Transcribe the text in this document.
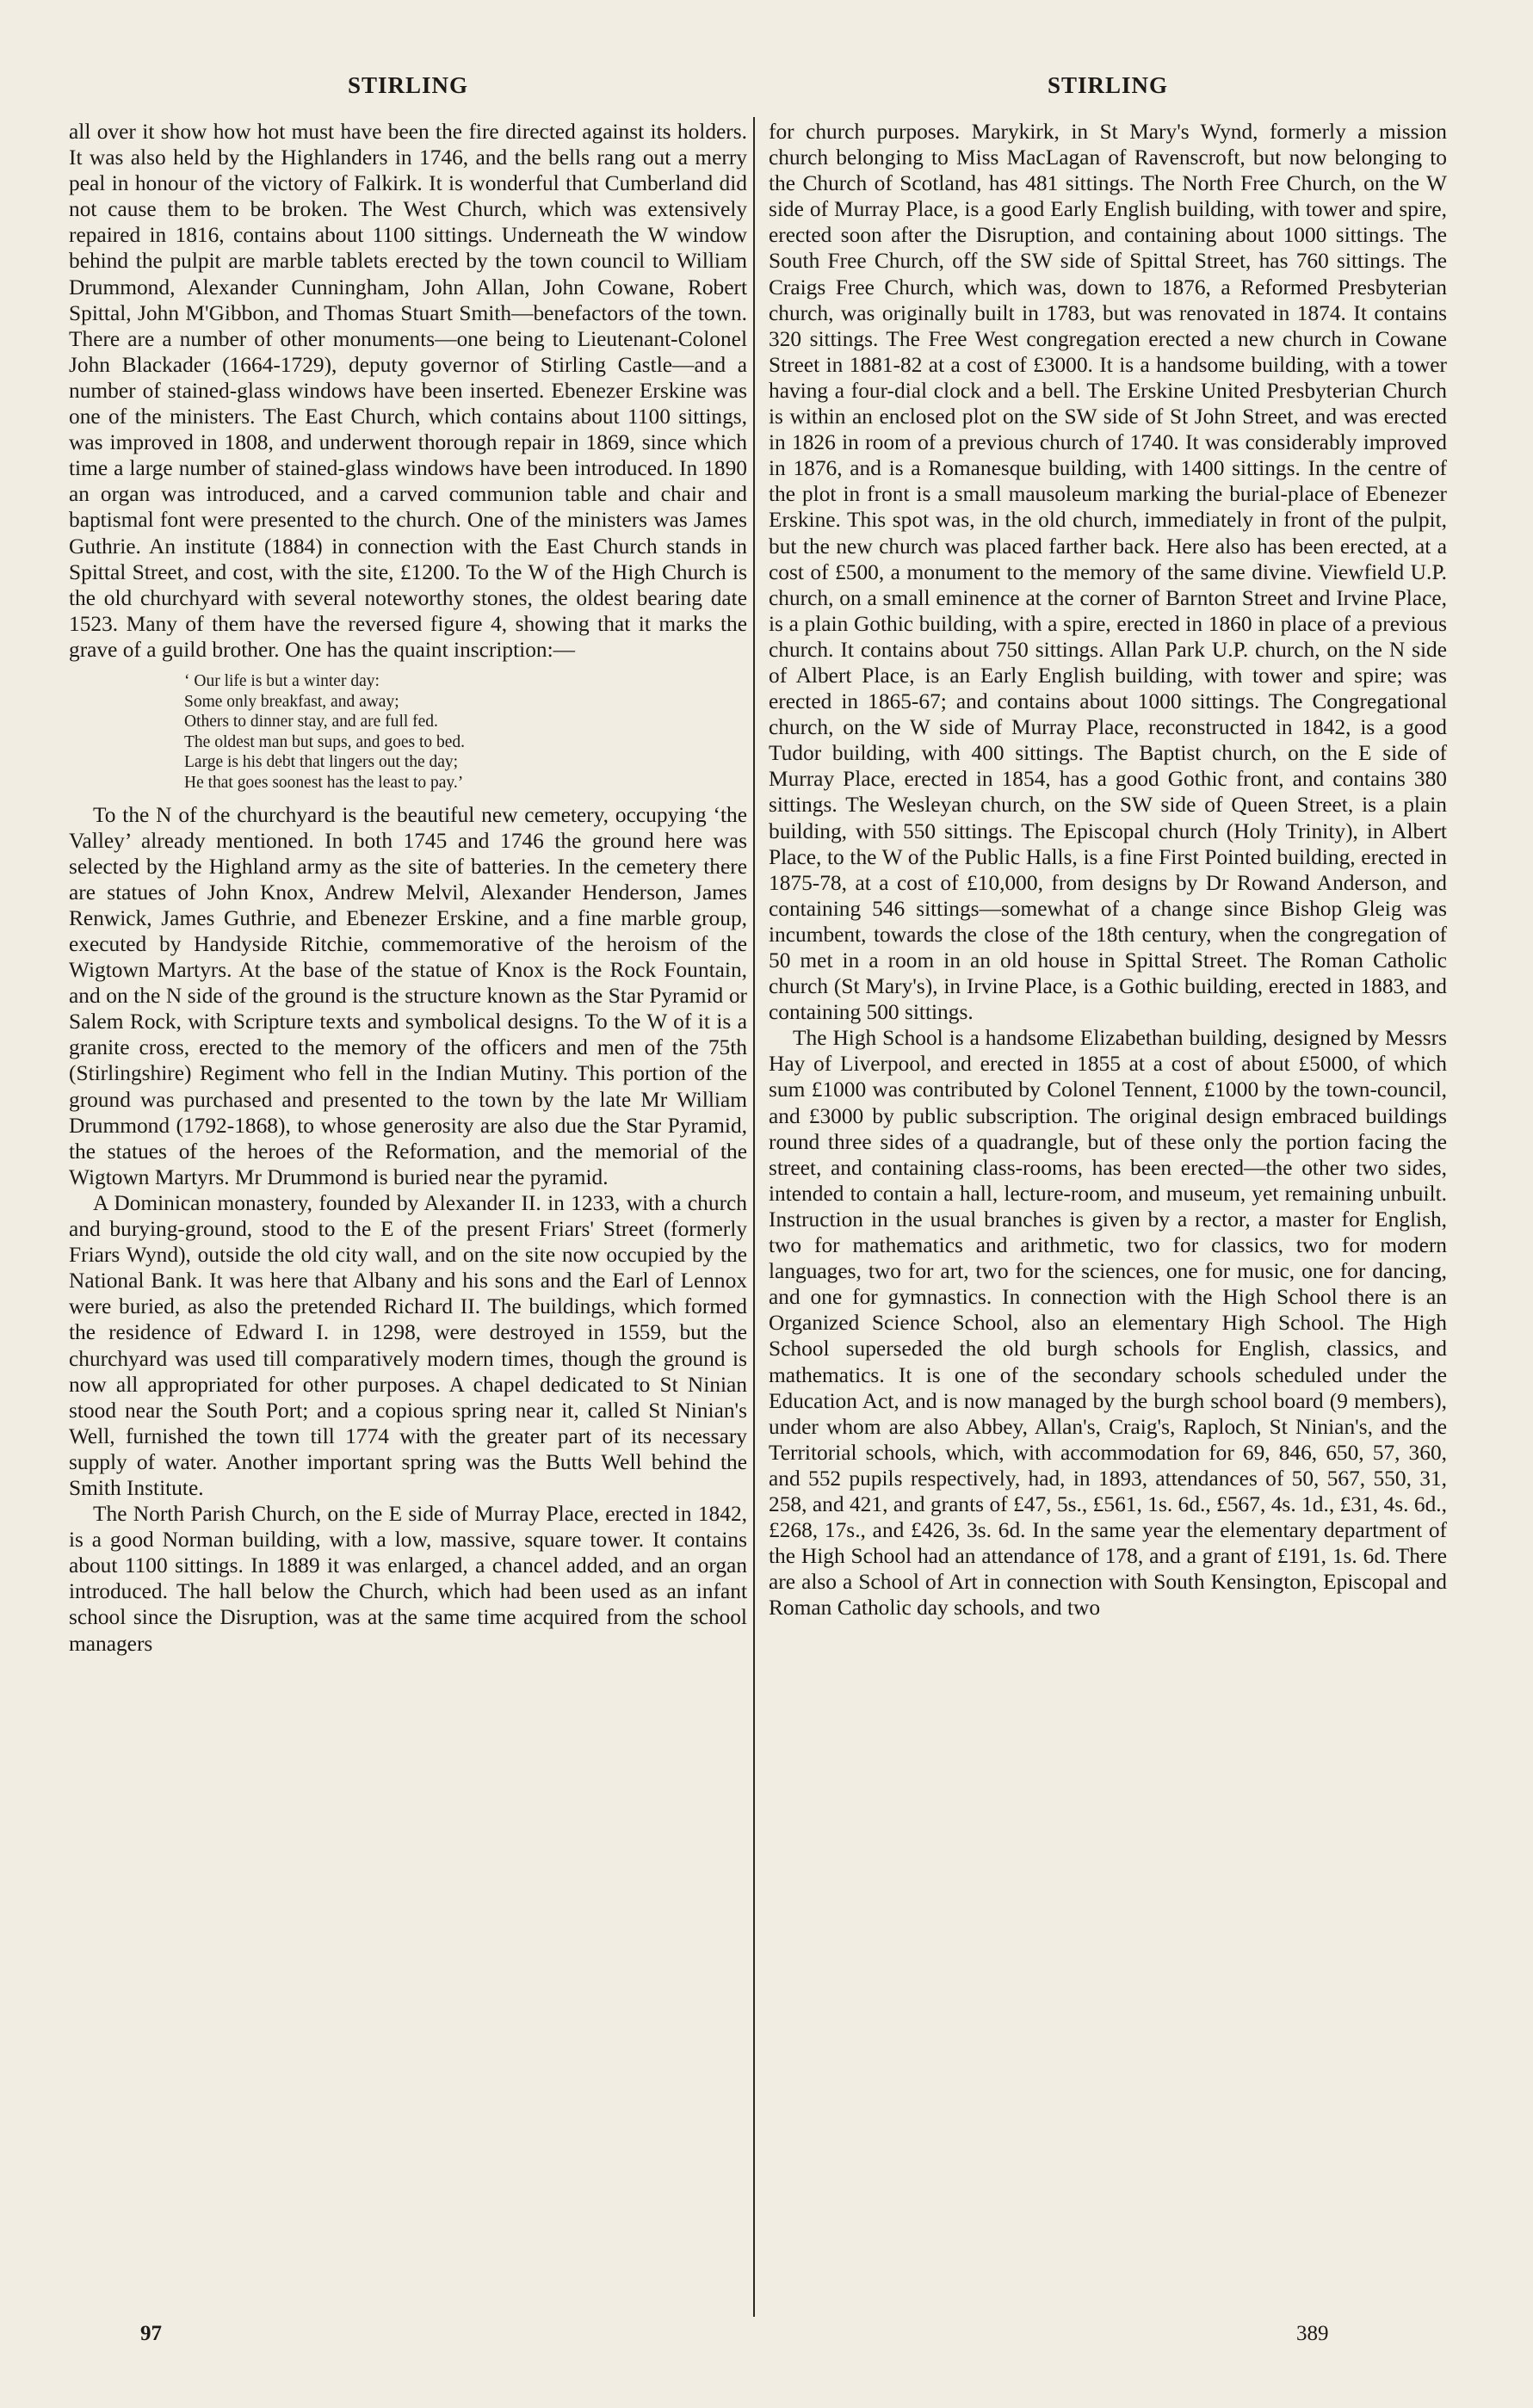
STIRLING	STIRLING

all over it show how hot must have been the fire directed against its holders. It was also held by the Highlanders in 1746, and the bells rang out a merry peal in honour of the victory of Falkirk. It is wonderful that Cumberland did not cause them to be broken. The West Church, which was extensively repaired in 1816, contains about 1100 sittings. Underneath the W window behind the pulpit are marble tablets erected by the town council to William Drummond, Alexander Cunningham, John Allan, John Cowane, Robert Spittal, John M'Gibbon, and Thomas Stuart Smith—benefactors of the town. There are a number of other monuments—one being to Lieutenant-Colonel John Blackader (1664-1729), deputy governor of Stirling Castle—and a number of stained-glass windows have been inserted. Ebenezer Erskine was one of the ministers. The East Church, which contains about 1100 sittings, was improved in 1808, and underwent thorough repair in 1869, since which time a large number of stained-glass windows have been introduced. In 1890 an organ was introduced, and a carved communion table and chair and baptismal font were presented to the church. One of the ministers was James Guthrie. An institute (1884) in connection with the East Church stands in Spittal Street, and cost, with the site, £1200. To the W of the High Church is the old churchyard with several noteworthy stones, the oldest bearing date 1523. Many of them have the reversed figure 4, showing that it marks the grave of a guild brother. One has the quaint inscription:—

‘ Our life is but a winter day:
Some only breakfast, and away;
Others to dinner stay, and are full fed.
The oldest man but sups, and goes to bed.
Large is his debt that lingers out the day;
He that goes soonest has the least to pay.’

To the N of the churchyard is the beautiful new cemetery, occupying ‘the Valley’ already mentioned. In both 1745 and 1746 the ground here was selected by the Highland army as the site of batteries. In the cemetery there are statues of John Knox, Andrew Melvil, Alexander Henderson, James Renwick, James Guthrie, and Ebenezer Erskine, and a fine marble group, executed by Handyside Ritchie, commemorative of the heroism of the Wigtown Martyrs. At the base of the statue of Knox is the Rock Fountain, and on the N side of the ground is the structure known as the Star Pyramid or Salem Rock, with Scripture texts and symbolical designs. To the W of it is a granite cross, erected to the memory of the officers and men of the 75th (Stirlingshire) Regiment who fell in the Indian Mutiny. This portion of the ground was purchased and presented to the town by the late Mr William Drummond (1792-1868), to whose generosity are also due the Star Pyramid, the statues of the heroes of the Reformation, and the memorial of the Wigtown Martyrs. Mr Drummond is buried near the pyramid.

A Dominican monastery, founded by Alexander II. in 1233, with a church and burying-ground, stood to the E of the present Friars' Street (formerly Friars Wynd), outside the old city wall, and on the site now occupied by the National Bank. It was here that Albany and his sons and the Earl of Lennox were buried, as also the pretended Richard II. The buildings, which formed the residence of Edward I. in 1298, were destroyed in 1559, but the churchyard was used till comparatively modern times, though the ground is now all appropriated for other purposes. A chapel dedicated to St Ninian stood near the South Port; and a copious spring near it, called St Ninian's Well, furnished the town till 1774 with the greater part of its necessary supply of water. Another important spring was the Butts Well behind the Smith Institute.

The North Parish Church, on the E side of Murray Place, erected in 1842, is a good Norman building, with a low, massive, square tower. It contains about 1100 sittings. In 1889 it was enlarged, a chancel added, and an organ introduced. The hall below the Church, which had been used as an infant school since the Disruption, was at the same time acquired from the school managers

for church purposes. Marykirk, in St Mary's Wynd, formerly a mission church belonging to Miss MacLagan of Ravenscroft, but now belonging to the Church of Scotland, has 481 sittings. The North Free Church, on the W side of Murray Place, is a good Early English building, with tower and spire, erected soon after the Disruption, and containing about 1000 sittings. The South Free Church, off the SW side of Spittal Street, has 760 sittings. The Craigs Free Church, which was, down to 1876, a Reformed Presbyterian church, was originally built in 1783, but was renovated in 1874. It contains 320 sittings. The Free West congregation erected a new church in Cowane Street in 1881-82 at a cost of £3000. It is a handsome building, with a tower having a four-dial clock and a bell. The Erskine United Presbyterian Church is within an enclosed plot on the SW side of St John Street, and was erected in 1826 in room of a previous church of 1740. It was considerably improved in 1876, and is a Romanesque building, with 1400 sittings. In the centre of the plot in front is a small mausoleum marking the burial-place of Ebenezer Erskine. This spot was, in the old church, immediately in front of the pulpit, but the new church was placed farther back. Here also has been erected, at a cost of £500, a monument to the memory of the same divine. Viewfield U.P. church, on a small eminence at the corner of Barnton Street and Irvine Place, is a plain Gothic building, with a spire, erected in 1860 in place of a previous church. It contains about 750 sittings. Allan Park U.P. church, on the N side of Albert Place, is an Early English building, with tower and spire; was erected in 1865-67; and contains about 1000 sittings. The Congregational church, on the W side of Murray Place, reconstructed in 1842, is a good Tudor building, with 400 sittings. The Baptist church, on the E side of Murray Place, erected in 1854, has a good Gothic front, and contains 380 sittings. The Wesleyan church, on the SW side of Queen Street, is a plain building, with 550 sittings. The Episcopal church (Holy Trinity), in Albert Place, to the W of the Public Halls, is a fine First Pointed building, erected in 1875-78, at a cost of £10,000, from designs by Dr Rowand Anderson, and containing 546 sittings—somewhat of a change since Bishop Gleig was incumbent, towards the close of the 18th century, when the congregation of 50 met in a room in an old house in Spittal Street. The Roman Catholic church (St Mary's), in Irvine Place, is a Gothic building, erected in 1883, and containing 500 sittings.

The High School is a handsome Elizabethan building, designed by Messrs Hay of Liverpool, and erected in 1855 at a cost of about £5000, of which sum £1000 was contributed by Colonel Tennent, £1000 by the town-council, and £3000 by public subscription. The original design embraced buildings round three sides of a quadrangle, but of these only the portion facing the street, and containing class-rooms, has been erected—the other two sides, intended to contain a hall, lecture-room, and museum, yet remaining unbuilt. Instruction in the usual branches is given by a rector, a master for English, two for mathematics and arithmetic, two for classics, two for modern languages, two for art, two for the sciences, one for music, one for dancing, and one for gymnastics. In connection with the High School there is an Organized Science School, also an elementary High School. The High School superseded the old burgh schools for English, classics, and mathematics. It is one of the secondary schools scheduled under the Education Act, and is now managed by the burgh school board (9 members), under whom are also Abbey, Allan's, Craig's, Raploch, St Ninian's, and the Territorial schools, which, with accommodation for 69, 846, 650, 57, 360, and 552 pupils respectively, had, in 1893, attendances of 50, 567, 550, 31, 258, and 421, and grants of £47, 5s., £561, 1s. 6d., £567, 4s. 1d., £31, 4s. 6d., £268, 17s., and £426, 3s. 6d. In the same year the elementary department of the High School had an attendance of 178, and a grant of £191, 1s. 6d. There are also a School of Art in connection with South Kensington, Episcopal and Roman Catholic day schools, and two

97	389
